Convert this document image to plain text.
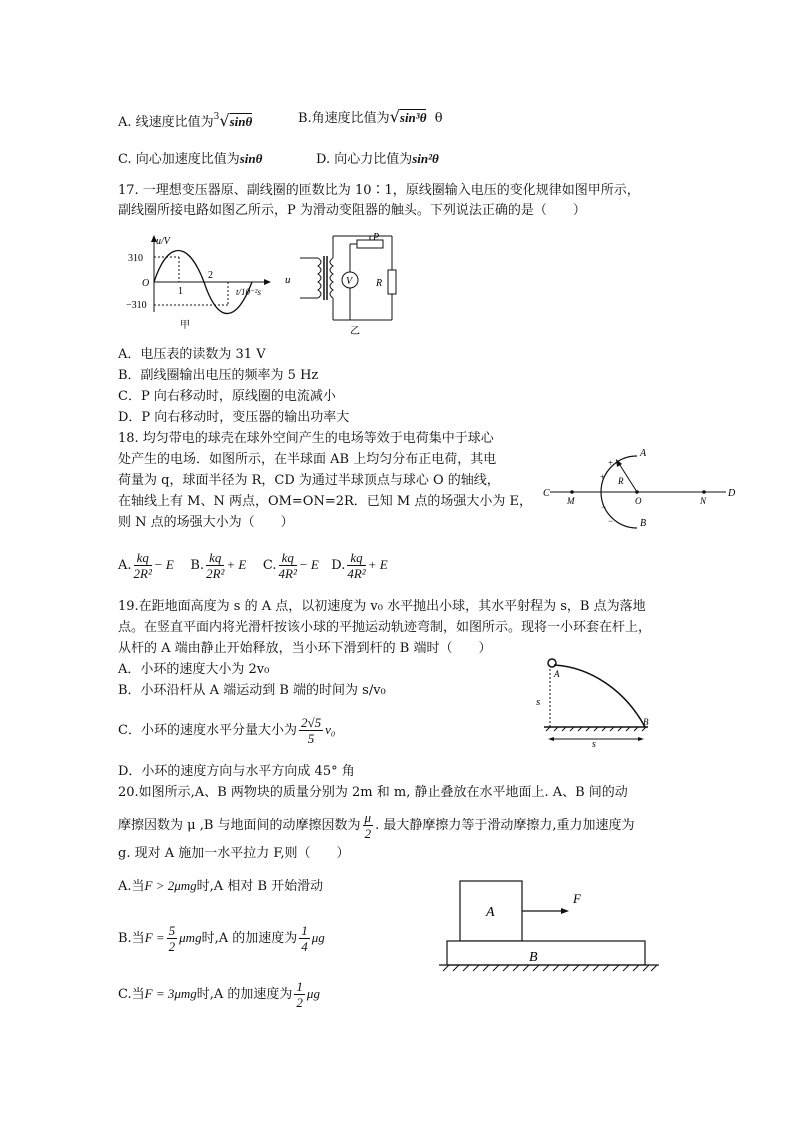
A. 线速度比值为$^3$√sinθ	B.角速度比值为√sin³θ θ
C. 向心加速度比值为sinθ	D. 向心力比值为sin²θ
17. 一理想变压器原、副线圈的匝数比为 10∶1，原线圈输入电压的变化规律如图甲所示，
副线圈所接电路如图乙所示，P 为滑动变阻器的触头。下列说法正确的是（　　）
u/V
310
−310
O
1
2
t/10⁻²s
甲
u
P
V R
乙
A．电压表的读数为 31 V
B．副线圈输出电压的频率为 5 Hz
C．P 向右移动时，原线圈的电流减小
D．P 向右移动时，变压器的输出功率大
18. 均匀带电的球壳在球外空间产生的电场等效于电荷集中于球心
处产生的电场．如图所示，在半球面 AB 上均匀分布正电荷，其电
荷量为 q，球面半径为 R，CD 为通过半球顶点与球心 O 的轴线，
在轴线上有 M、N 两点，OM=ON=2R．已知 M 点的场强大小为 E，
则 N 点的场强大小为（　　）
+
+
−
−
C
M
R
O	N
D
A
B
A. $\frac{kq}{\text{2R²}} - E$ B. $\frac{kq}{\text{2R²}} + E$ C. $\frac{kq}{\text{4R²}} - E$ D. $\frac{kq}{\text{4R²}} + E$
19.在距地面高度为 s 的 A 点，以初速度为 v₀ 水平抛出小球，其水平射程为 s，B 点为落地
点。在竖直平面内将光滑杆按该小球的平抛运动轨迹弯制，如图所示。现将一小环套在杆上，
从杆的 A 端由静止开始释放，当小环下滑到杆的 B 端时（　　）
A．小环的速度大小为 2v₀
B．小环沿杆从 A 端运动到 B 端的时间为 s/v₀
C．小环的速度水平分量大小为 $\frac{2√5}{5} v_0$
D．小环的速度方向与水平方向成 45° 角
A
B
s
s
20.如图所示,A、B 两物块的质量分别为 2m 和 m, 静止叠放在水平地面上. A、B 间的动
摩擦因数为 μ ,B 与地面间的动摩擦因数为 $\frac{\mu}{2}$ . 最大静摩擦力等于滑动摩擦力,重力加速度为
g. 现对 A 施加一水平拉力 F,则（　　）
A.当F > 2μmg时,A 相对 B 开始滑动
B.当$F = \frac{5}{2}$ μmg时,A 的加速度为 $\frac{1}{4}$ μg
C.当F = 3μmg时,A 的加速度为 $\frac{1}{2}$ μg
A
B
F
